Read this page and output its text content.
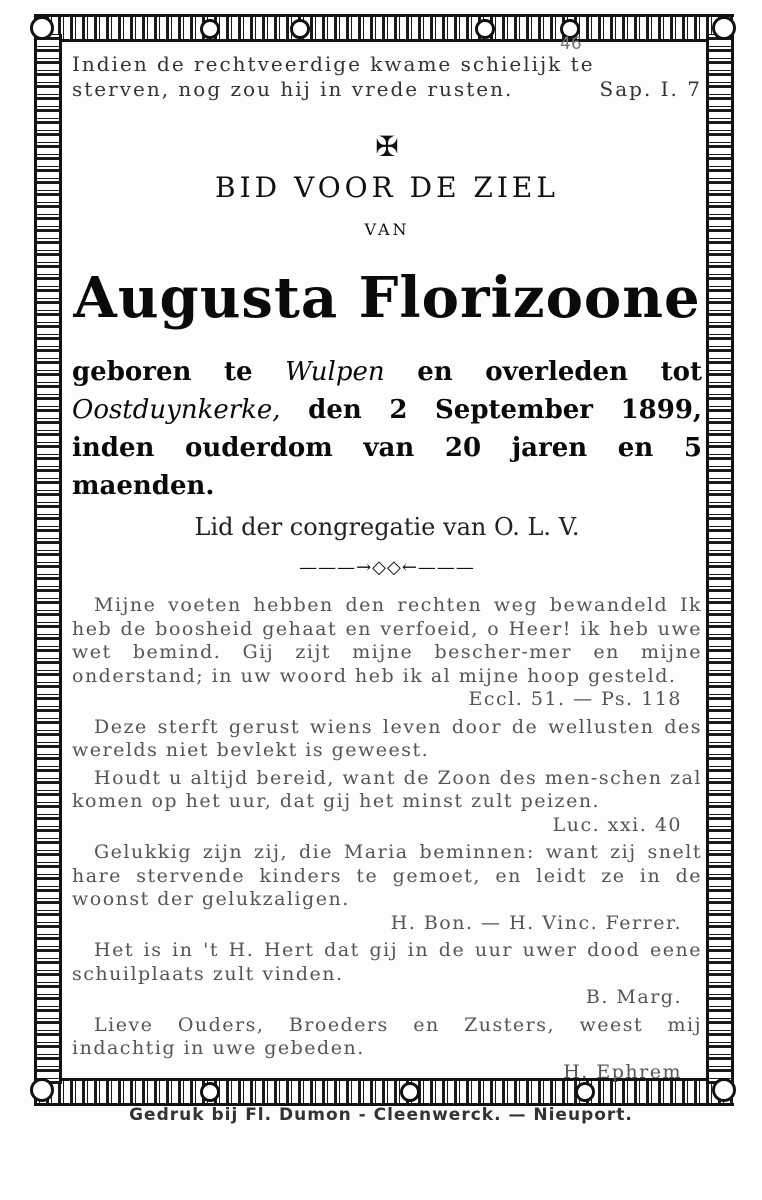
46
Indien de rechtveerdige kwame schielijk te
sterven, nog zou hij in vrede rusten.	Sap. I. 7
✠
BID VOOR DE ZIEL
VAN
Augusta Florizoone
geboren te Wulpen en overleden tot Oostduynkerke, den 2 September 1899, inden ouderdom van 20 jaren en 5 maenden.
Lid der congregatie van O. L. V.
———→◇◇←———

Mijne voeten hebben den rechten weg bewandeld Ik heb de boosheid gehaat en verfoeid, o Heer! ik heb uwe wet bemind. Gij zijt mijne bescher-mer en mijne onderstand; in uw woord heb ik al mijne hoop gesteld.
Eccl. 51. — Ps. 118

Deze sterft gerust wiens leven door de wellusten des werelds niet bevlekt is geweest.

Houdt u altijd bereid, want de Zoon des men-schen zal komen op het uur, dat gij het minst zult peizen.
Luc. xxi. 40

Gelukkig zijn zij, die Maria beminnen: want zij snelt hare stervende kinders te gemoet, en leidt ze in de woonst der gelukzaligen.
H. Bon. — H. Vinc. Ferrer.

Het is in 't H. Hert dat gij in de uur uwer dood eene schuilplaats zult vinden.
B. Marg.

Lieve Ouders, Broeders en Zusters, weest mij indachtig in uwe gebeden.
H. Ephrem

Gedruk bij Fl. Dumon - Cleenwerck. — Nieuport.
